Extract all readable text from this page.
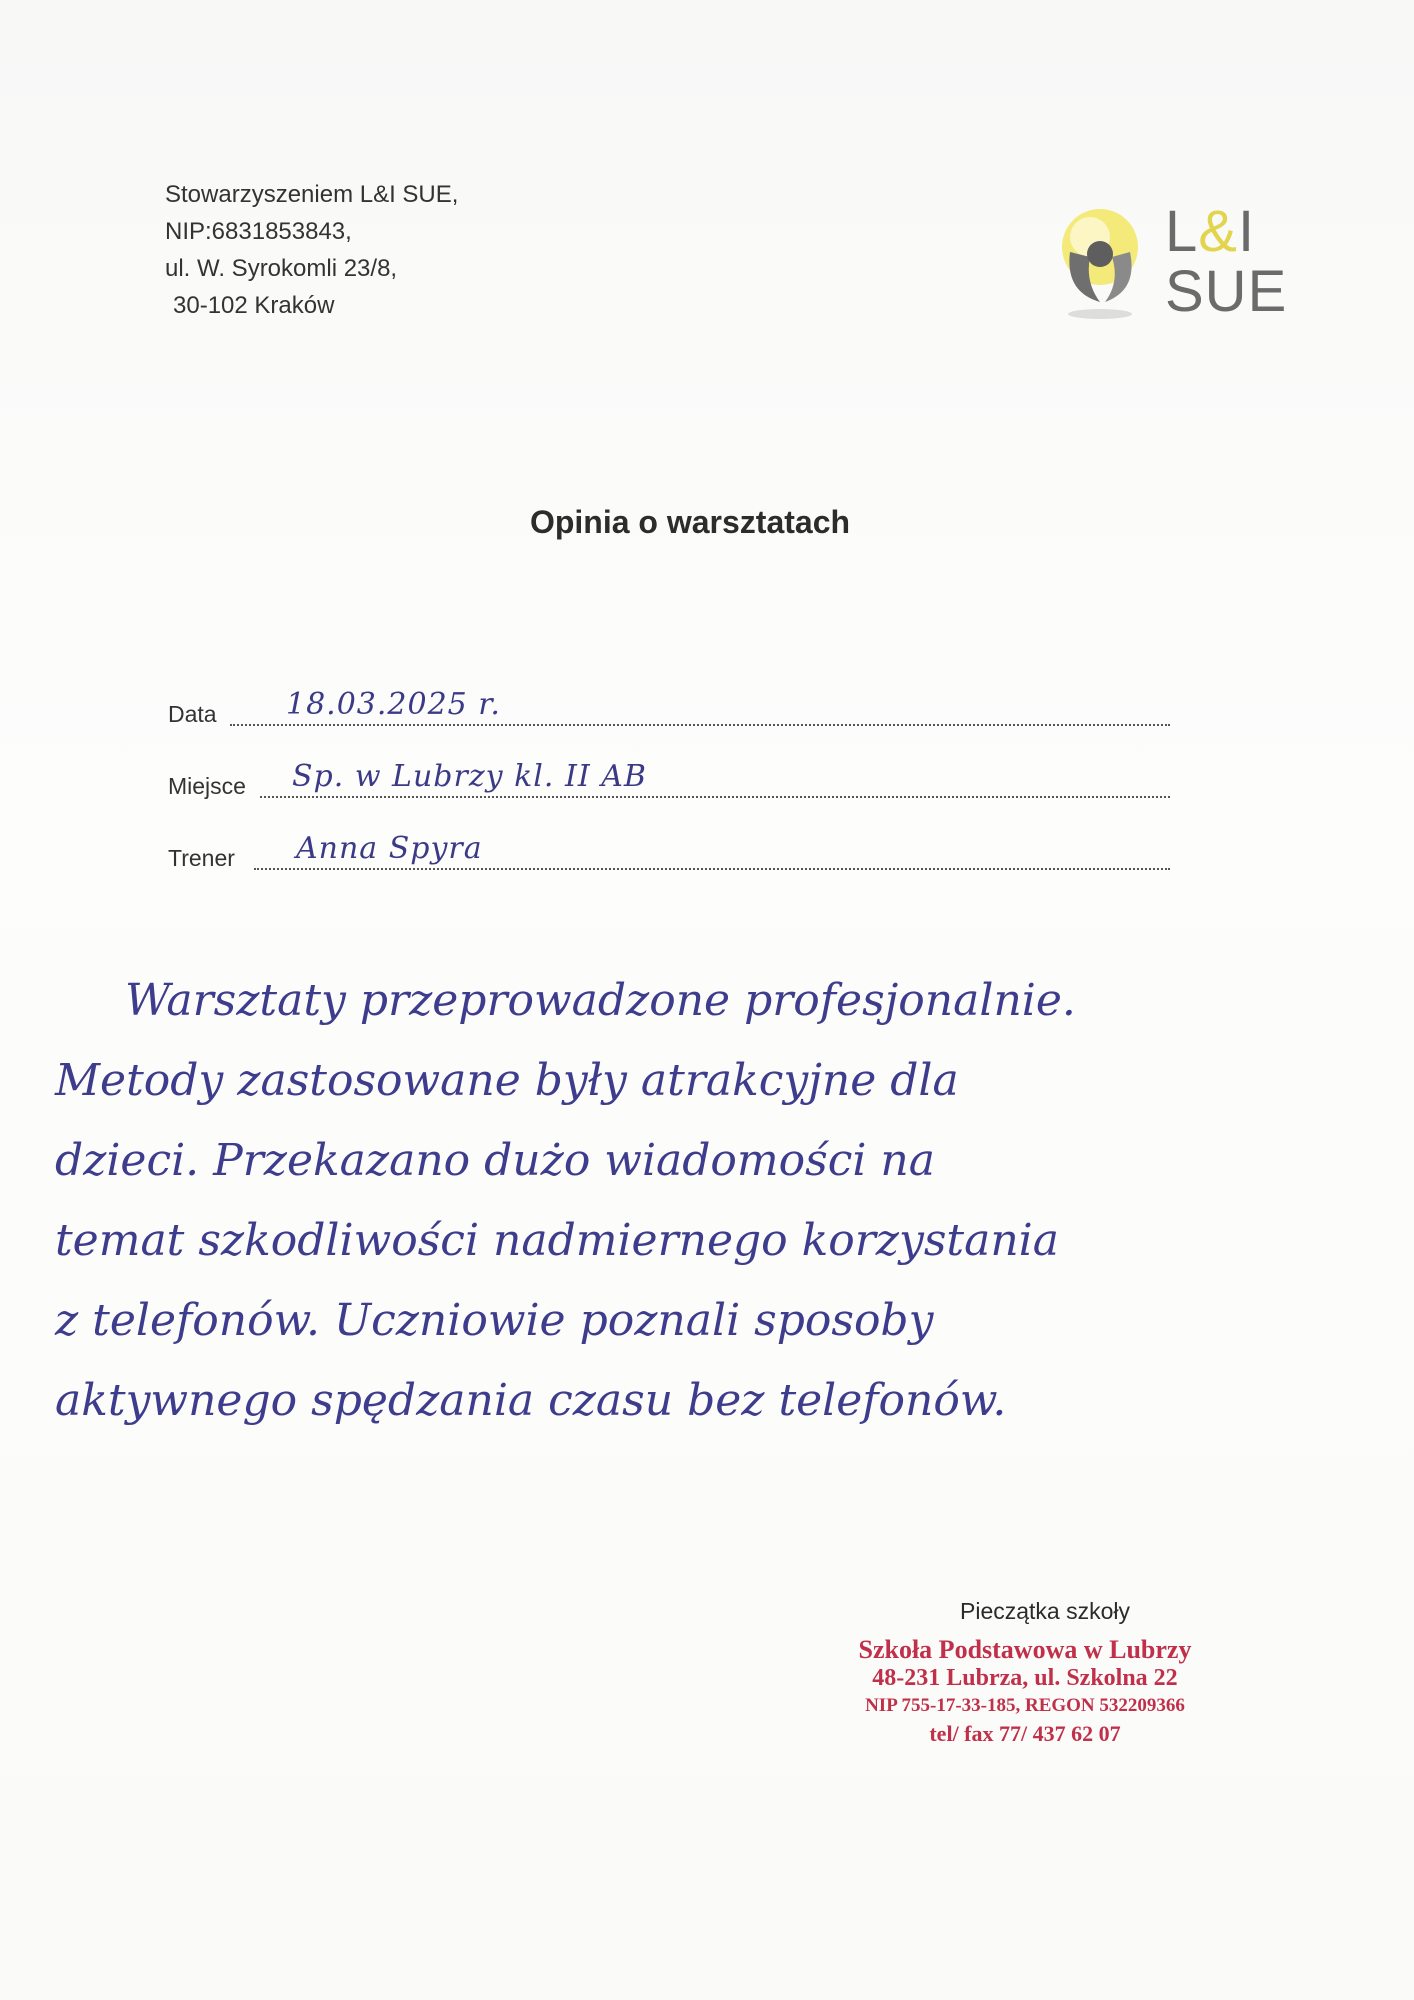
Stowarzyszeniem L&I SUE,
NIP:6831853843,
ul. W. Syrokomli 23/8,
30-102 Kraków
L&I
SUE
Opinia o warsztatach
Data 18.03.2025 r.
Miejsce Sp. w Lubrzy kl. II AB
Trener Anna Spyra
Warsztaty przeprowadzone profesjonalnie.
Metody zastosowane były atrakcyjne dla
dzieci. Przekazano dużo wiadomości na
temat szkodliwości nadmiernego korzystania
z telefonów. Uczniowie poznali sposoby
aktywnego spędzania czasu bez telefonów.
Pieczątka szkoły
Szkoła Podstawowa w Lubrzy
48-231 Lubrza, ul. Szkolna 22
NIP 755-17-33-185, REGON 532209366
tel/ fax 77/ 437 62 07
